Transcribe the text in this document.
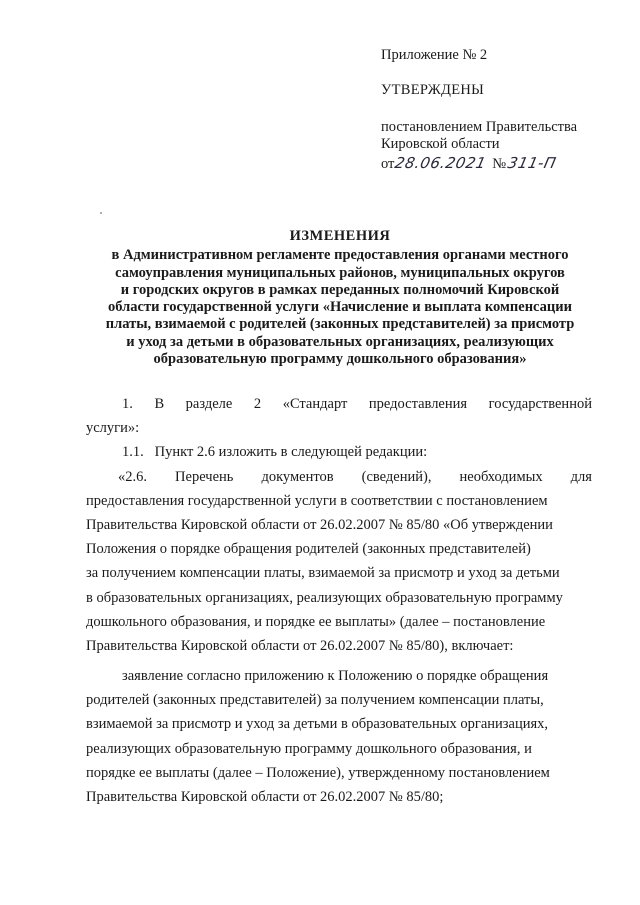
Приложение № 2

УТВЕРЖДЕНЫ

постановлением Правительства

Кировской области

от28.06.2021 №311-П

ИЗМЕНЕНИЯ

в Административном регламенте предоставления органами местного

самоуправления муниципальных районов, муниципальных округов

и городских округов в рамках переданных полномочий Кировской

области государственной услуги «Начисление и выплата компенсации

платы, взимаемой с родителей (законных представителей) за присмотр

и уход за детьми в образовательных организациях, реализующих

образовательную программу дошкольного образования»

1. В разделе 2 «Стандарт предоставления государственной
услуги»:
1.1.   Пункт 2.6 изложить в следующей редакции:
«2.6. Перечень документов (сведений), необходимых для
предоставления государственной услуги в соответствии с постановлением
Правительства Кировской области от 26.02.2007 № 85/80 «Об утверждении
Положения о порядке обращения родителей (законных представителей)
за получением компенсации платы, взимаемой за присмотр и уход за детьми
в образовательных организациях, реализующих образовательную программу
дошкольного образования, и порядке ее выплаты» (далее – постановление
Правительства Кировской области от 26.02.2007 № 85/80), включает:
заявление согласно приложению к Положению о порядке обращения
родителей (законных представителей) за получением компенсации платы,
взимаемой за присмотр и уход за детьми в образовательных организациях,
реализующих образовательную программу дошкольного образования, и
порядке ее выплаты (далее – Положение), утвержденному постановлением
Правительства Кировской области от 26.02.2007 № 85/80;
